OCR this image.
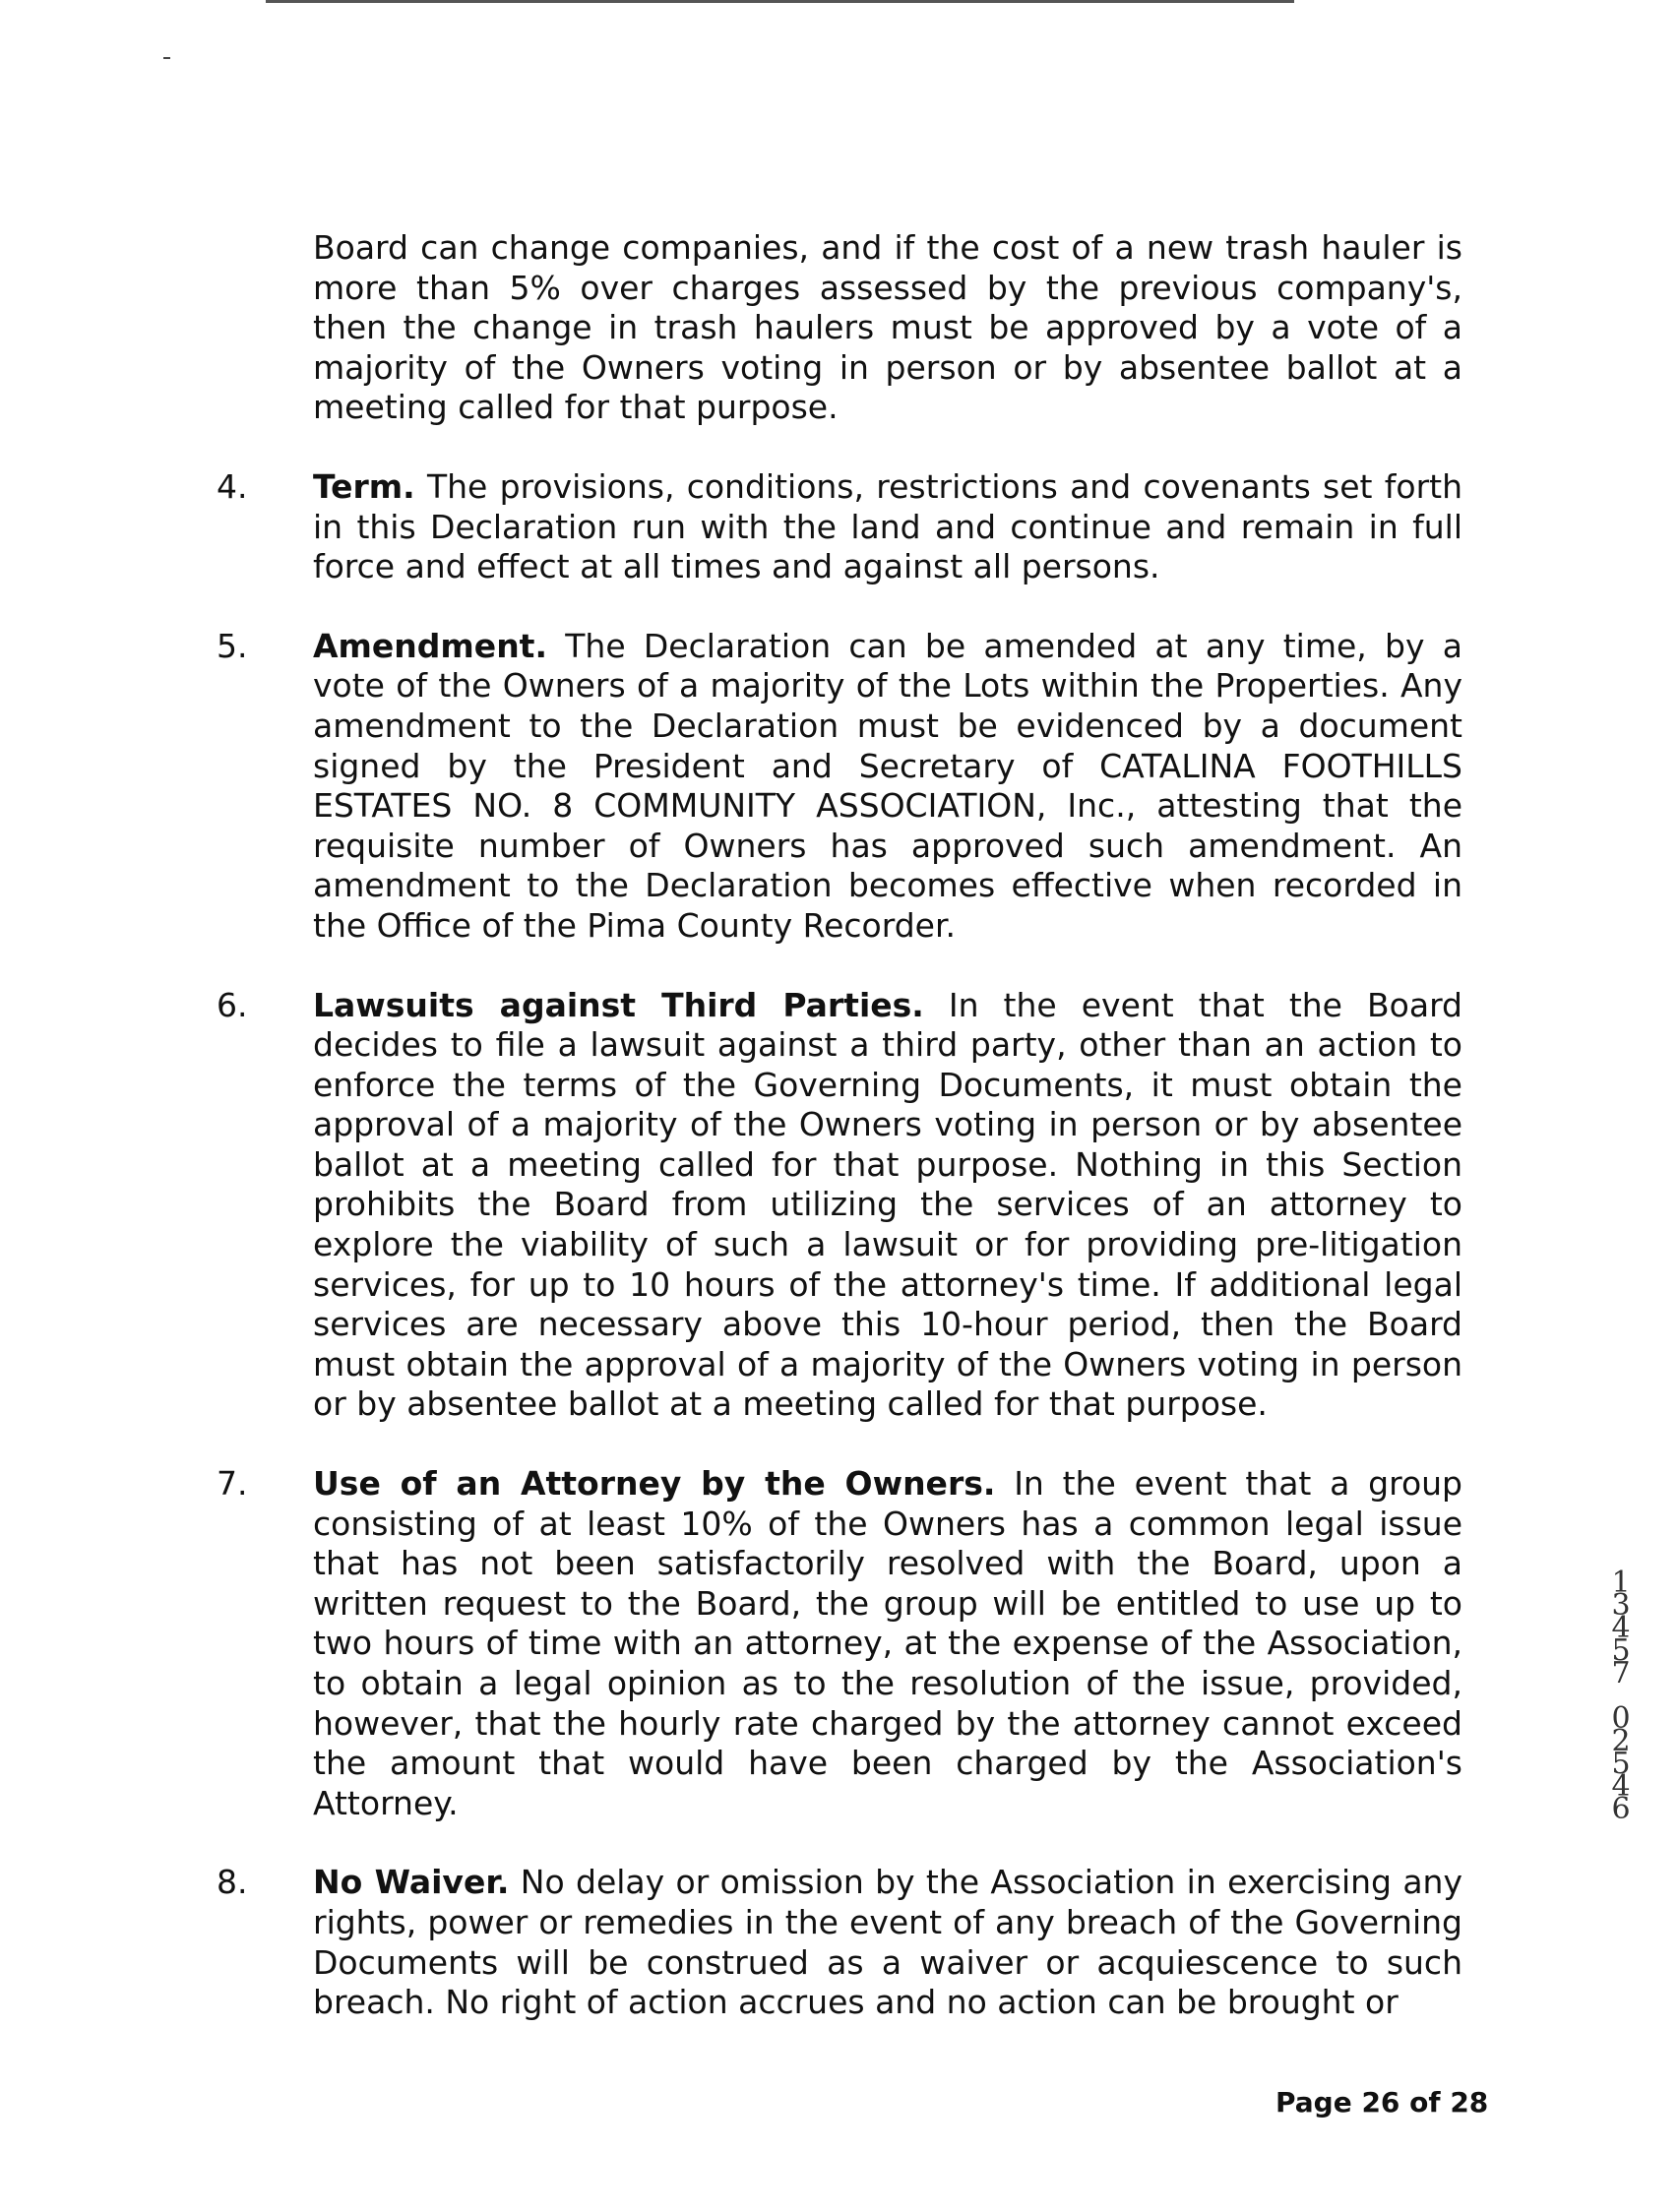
Board can change companies, and if the cost of a new trash hauler is more than 5% over charges assessed by the previous company's, then the change in trash haulers must be approved by a vote of a majority of the Owners voting in person or by absentee ballot at a meeting called for that purpose.

4. Term. The provisions, conditions, restrictions and covenants set forth in this Declaration run with the land and continue and remain in full force and effect at all times and against all persons.

5. Amendment. The Declaration can be amended at any time, by a vote of the Owners of a majority of the Lots within the Properties. Any amendment to the Declaration must be evidenced by a document signed by the President and Secretary of CATALINA FOOTHILLS ESTATES NO. 8 COMMUNITY ASSOCIATION, Inc., attesting that the requisite number of Owners has approved such amendment. An amendment to the Declaration becomes effective when recorded in the Office of the Pima County Recorder.

6. Lawsuits against Third Parties. In the event that the Board decides to file a lawsuit against a third party, other than an action to enforce the terms of the Governing Documents, it must obtain the approval of a majority of the Owners voting in person or by absentee ballot at a meeting called for that purpose. Nothing in this Section prohibits the Board from utilizing the services of an attorney to explore the viability of such a lawsuit or for providing pre-litigation services, for up to 10 hours of the attorney's time. If additional legal services are necessary above this 10-hour period, then the Board must obtain the approval of a majority of the Owners voting in person or by absentee ballot at a meeting called for that purpose.

7. Use of an Attorney by the Owners. In the event that a group consisting of at least 10% of the Owners has a common legal issue that has not been satisfactorily resolved with the Board, upon a written request to the Board, the group will be entitled to use up to two hours of time with an attorney, at the expense of the Association, to obtain a legal opinion as to the resolution of the issue, provided, however, that the hourly rate charged by the attorney cannot exceed the amount that would have been charged by the Association's Attorney.

8. No Waiver. No delay or omission by the Association in exercising any rights, power or remedies in the event of any breach of the Governing Documents will be construed as a waiver or acquiescence to such breach. No right of action accrues and no action can be brought or

13457
02546
Page 26 of 28
